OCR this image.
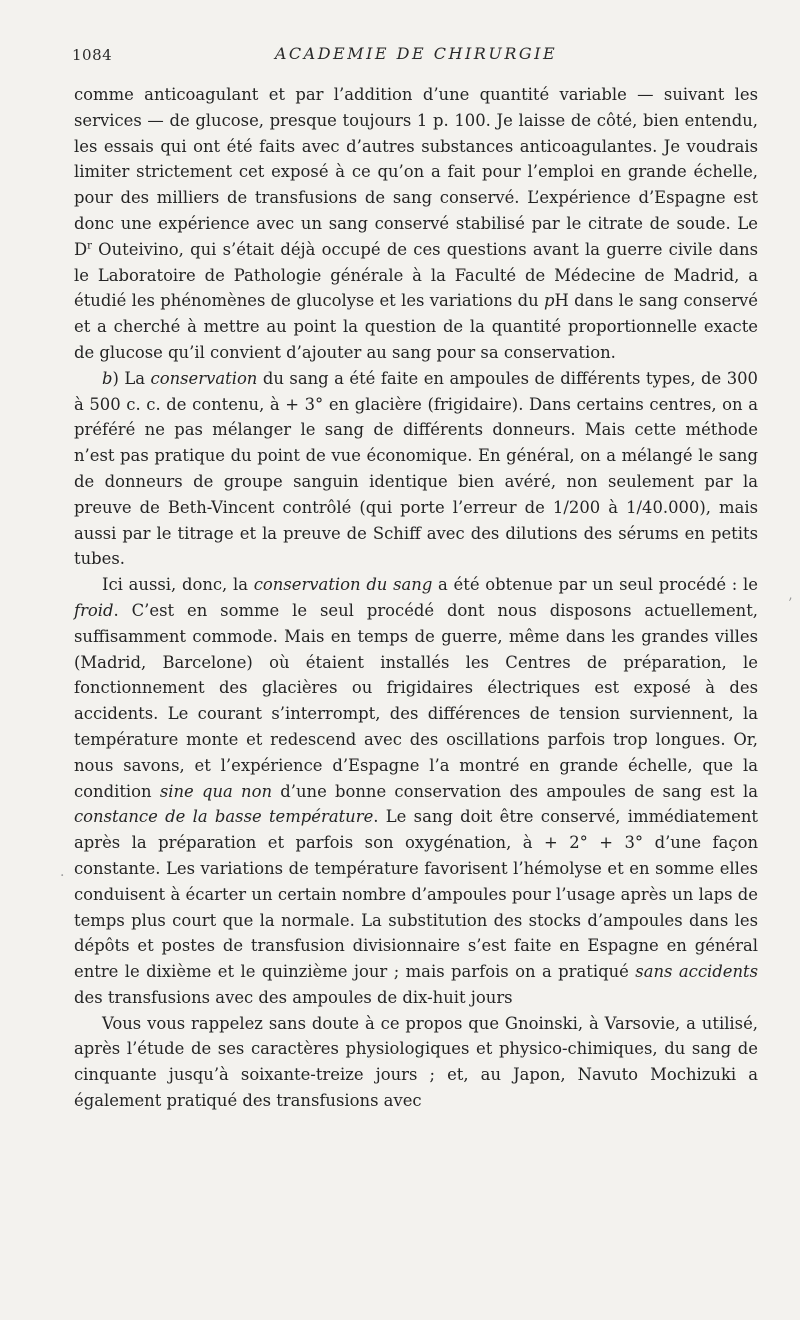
1084	ACADEMIE DE CHIRURGIE

comme anticoagulant et par l’addition d’une quantité variable — suivant les services — de glucose, presque toujours 1 p. 100. Je laisse de côté, bien entendu, les essais qui ont été faits avec d’autres substances anticoagulantes. Je voudrais limiter strictement cet exposé à ce qu’on a fait pour l’emploi en grande échelle, pour des milliers de transfusions de sang conservé. L’expérience d’Espagne est donc une expérience avec un sang conservé stabilisé par le citrate de soude. Le $D^r$ Outeivino, qui s’était déjà occupé de ces questions avant la guerre civile dans le Laboratoire de Pathologie générale à la Faculté de Médecine de Madrid, a étudié les phénomènes de glucolyse et les variations du pH dans le sang conservé et a cherché à mettre au point la question de la quantité proportionnelle exacte de glucose qu’il convient d’ajouter au sang pour sa conservation.

b) La conservation du sang a été faite en ampoules de différents types, de 300 à 500 c. c. de contenu, à + 3° en glacière (frigidaire). Dans certains centres, on a préféré ne pas mélanger le sang de différents donneurs. Mais cette méthode n’est pas pratique du point de vue économique. En général, on a mélangé le sang de donneurs de groupe sanguin identique bien avéré, non seulement par la preuve de Beth-Vincent contrôlé (qui porte l’erreur de 1/200 à 1/40.000), mais aussi par le titrage et la preuve de Schiff avec des dilutions des sérums en petits tubes.

Ici aussi, donc, la conservation du sang a été obtenue par un seul procédé : le froid. C’est en somme le seul procédé dont nous disposons actuellement, suffisamment commode. Mais en temps de guerre, même dans les grandes villes (Madrid, Barcelone) où étaient installés les Centres de préparation, le fonctionnement des glacières ou frigidaires électriques est exposé à des accidents. Le courant s’interrompt, des différences de tension surviennent, la température monte et redescend avec des oscillations parfois trop longues. Or, nous savons, et l’expérience d’Espagne l’a montré en grande échelle, que la condition sine qua non d’une bonne conservation des ampoules de sang est la constance de la basse température. Le sang doit être conservé, immédiatement après la préparation et parfois son oxygénation, à + 2° + 3° d’une façon constante. Les variations de température favorisent l’hémolyse et en somme elles conduisent à écarter un certain nombre d’ampoules pour l’usage après un laps de temps plus court que la normale. La substitution des stocks d’ampoules dans les dépôts et postes de transfusion divisionnaire s’est faite en Espagne en général entre le dixième et le quinzième jour ; mais parfois on a pratiqué sans accidents des transfusions avec des ampoules de dix-huit jours

Vous vous rappelez sans doute à ce propos que Gnoinski, à Varsovie, a utilisé, après l’étude de ses caractères physiologiques et physico-chimiques, du sang de cinquante jusqu’à soixante-treize jours ; et, au Japon, Navuto Mochizuki a également pratiqué des transfusions avec

’
·
